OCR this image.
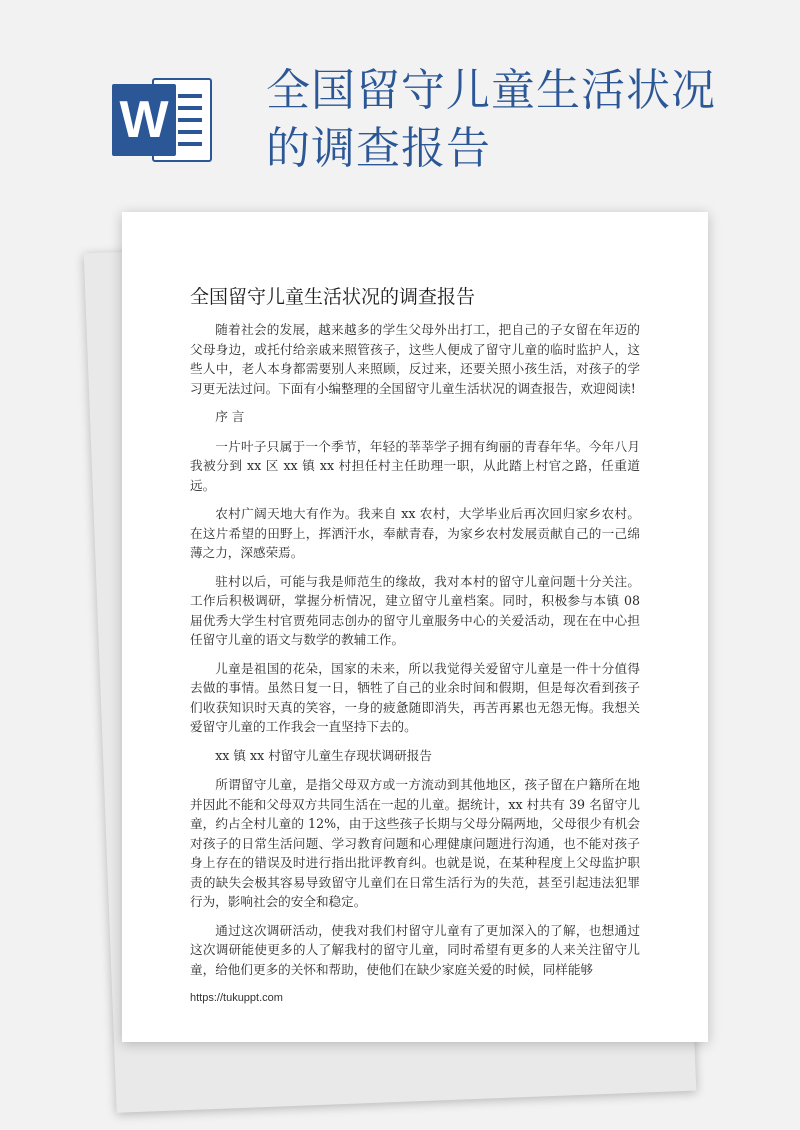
W
全国留守儿童生活状况的调查报告
全国留守儿童生活状况的调查报告

随着社会的发展，越来越多的学生父母外出打工，把自己的子女留在年迈的父母身边，或托付给亲戚来照管孩子，这些人便成了留守儿童的临时监护人，这些人中，老人本身都需要别人来照顾，反过来，还要关照小孩生活，对孩子的学习更无法过问。下面有小编整理的全国留守儿童生活状况的调查报告，欢迎阅读!

序 言

一片叶子只属于一个季节，年轻的莘莘学子拥有绚丽的青春年华。今年八月我被分到 xx 区 xx 镇 xx 村担任村主任助理一职，从此踏上村官之路，任重道远。

农村广阔天地大有作为。我来自 xx 农村，大学毕业后再次回归家乡农村。在这片希望的田野上，挥洒汗水，奉献青春，为家乡农村发展贡献自己的一己绵薄之力，深感荣焉。

驻村以后，可能与我是师范生的缘故，我对本村的留守儿童问题十分关注。工作后积极调研，掌握分析情况，建立留守儿童档案。同时，积极参与本镇 08 届优秀大学生村官贾苑同志创办的留守儿童服务中心的关爱活动，现在在中心担任留守儿童的语文与数学的教辅工作。

儿童是祖国的花朵，国家的未来，所以我觉得关爱留守儿童是一件十分值得去做的事情。虽然日复一日，牺牲了自己的业余时间和假期，但是每次看到孩子们收获知识时天真的笑容，一身的疲惫随即消失，再苦再累也无怨无悔。我想关爱留守儿童的工作我会一直坚持下去的。

xx 镇 xx 村留守儿童生存现状调研报告

所谓留守儿童，是指父母双方或一方流动到其他地区，孩子留在户籍所在地并因此不能和父母双方共同生活在一起的儿童。据统计，xx 村共有 39 名留守儿童，约占全村儿童的 12%，由于这些孩子长期与父母分隔两地，父母很少有机会对孩子的日常生活问题、学习教育问题和心理健康问题进行沟通，也不能对孩子身上存在的错误及时进行指出批评教育纠。也就是说，在某种程度上父母监护职责的缺失会极其容易导致留守儿童们在日常生活行为的失范，甚至引起违法犯罪行为，影响社会的安全和稳定。

通过这次调研活动，使我对我们村留守儿童有了更加深入的了解，也想通过这次调研能使更多的人了解我村的留守儿童，同时希望有更多的人来关注留守儿童，给他们更多的关怀和帮助，使他们在缺少家庭关爱的时候，同样能够

https://tukuppt.com
